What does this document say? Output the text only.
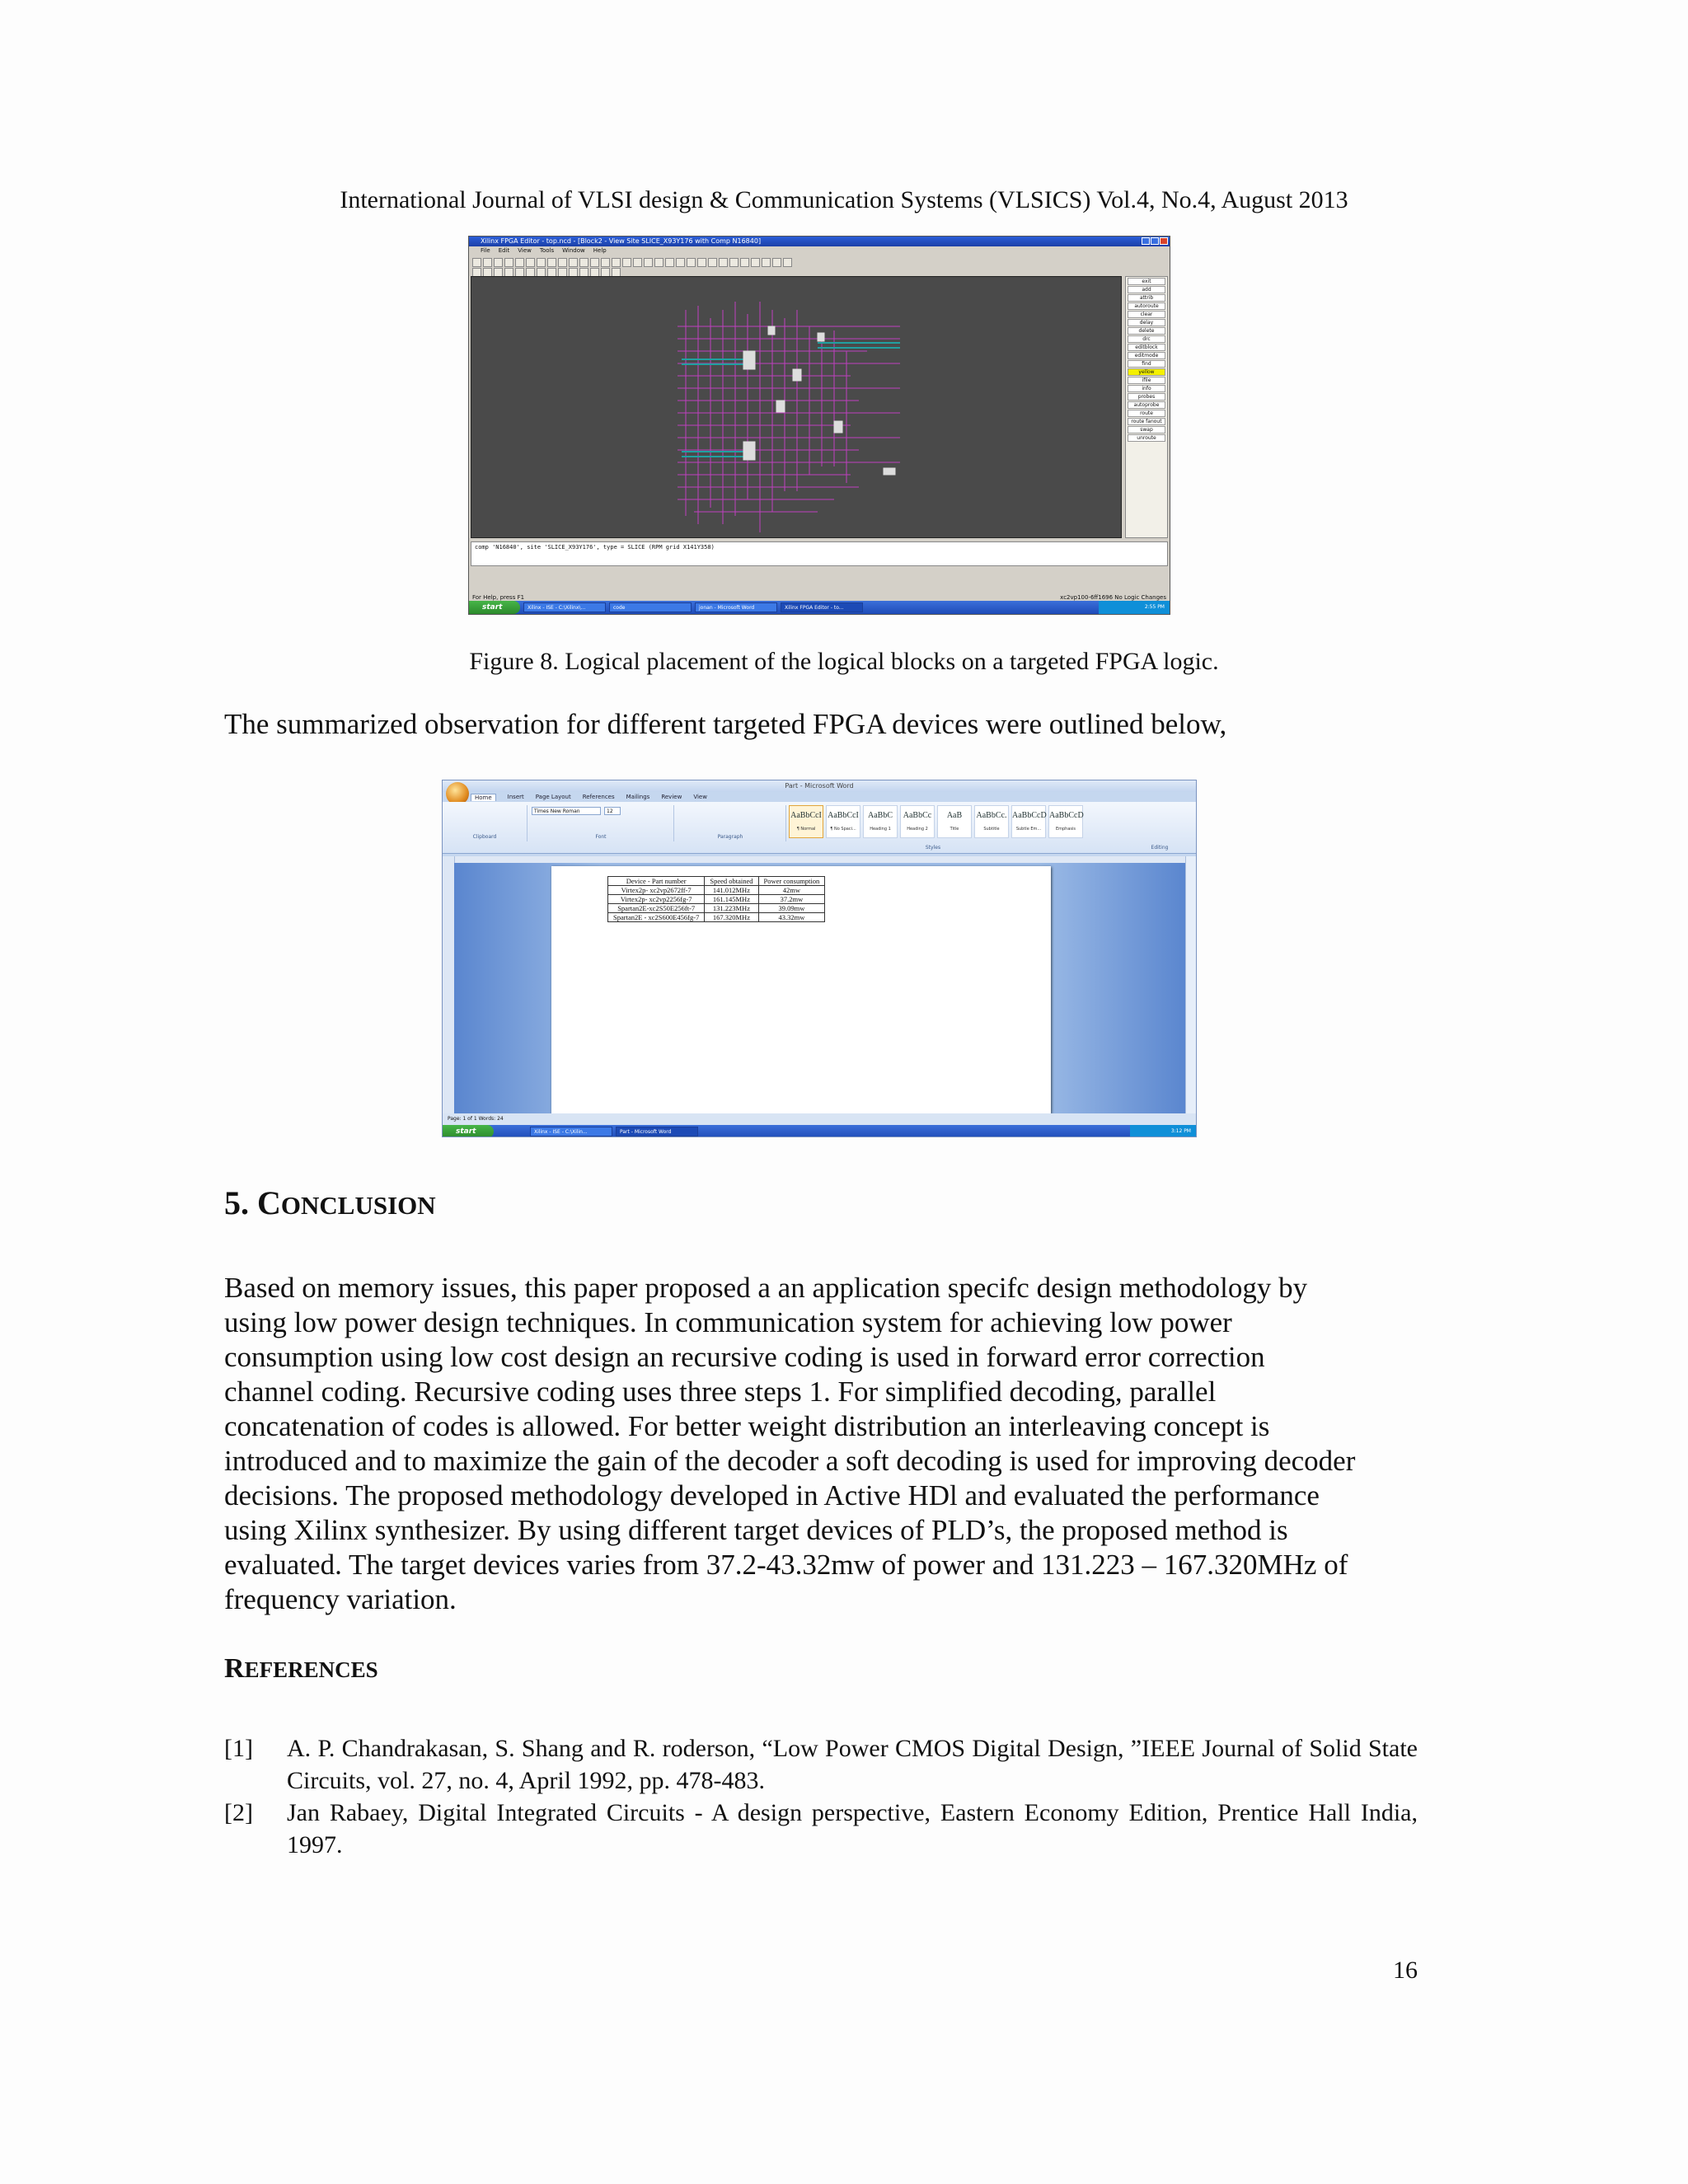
International Journal of VLSI design & Communication Systems (VLSICS) Vol.4, No.4, August 2013
Xilinx FPGA Editor - top.ncd - [Block2 - View Site SLICE_X93Y176 with Comp N16840]
File Edit View Tools Window Help
exit
add
attrib
autoroute
clear
delay
delete
drc
editblock
editmode
find
yellow
ifile
info
probes
autoprobe
route
route fanout
swap
unroute
comp 'N16840', site 'SLICE_X93Y176', type = SLICE (RPM grid X141Y358)
For Help, press F1	xc2vp100-6ff1696 No Logic Changes
start	Xilinx - ISE - C:\Xilinx\...	code	jonan - Microsoft Word	Xilinx FPGA Editor - to...	2:55 PM
Figure 8. Logical placement of the logical blocks on a targeted FPGA logic.
The summarized observation for different targeted FPGA devices were outlined below,
Part - Microsoft Word
Home	Insert Page Layout References Mailings Review View
Clipboard
Times New Roman	12
Font	Paragraph
AaBbCcI
¶ Normal
AaBbCcI
¶ No Spaci...
AaBbC
Heading 1
AaBbCc
Heading 2
AaB
Title
AaBbCc.
Subtitle
AaBbCcD
Subtle Em...
AaBbCcD
Emphasis
Styles	Editing
Device - Part number	Speed obtained	Power consumption
Virtex2p- xc2vp2672ff-7	141.012MHz	42mw
Virtex2p- xc2vp2256fg-7	161.145MHz	37.2mw
Spartan2E-xc2S50E256ft-7	131.223MHz	39.09mw
Spartan2E - xc2S600E456fg-7	167.320MHz	43.32mw
Page: 1 of 1 Words: 24
start	Xilinx - ISE - C:\Xilin...	Part - Microsoft Word	3:12 PM
5. CONCLUSION
Based on memory issues, this paper proposed a an application specifc design methodology by
using low power design techniques. In communication system for achieving low power
consumption using low cost design an recursive coding is used in forward error correction
channel coding. Recursive coding uses three steps 1. For simplified decoding, parallel
concatenation of codes is allowed. For better weight distribution an interleaving concept is
introduced and to maximize the gain of the decoder a soft decoding is used for improving decoder
decisions. The proposed methodology developed in Active HDl and evaluated the performance
using Xilinx synthesizer. By using different target devices of PLD’s, the proposed method is
evaluated. The target devices varies from 37.2-43.32mw of power and 131.223 – 167.320MHz of
frequency variation.
REFERENCES
[1] A. P. Chandrakasan, S. Shang and R. roderson, “Low Power CMOS Digital Design, ”IEEE Journal of Solid State Circuits, vol. 27, no. 4, April 1992, pp. 478-483.
[2] Jan Rabaey, Digital Integrated Circuits - A design perspective, Eastern Economy Edition, Prentice Hall India, 1997.
16
